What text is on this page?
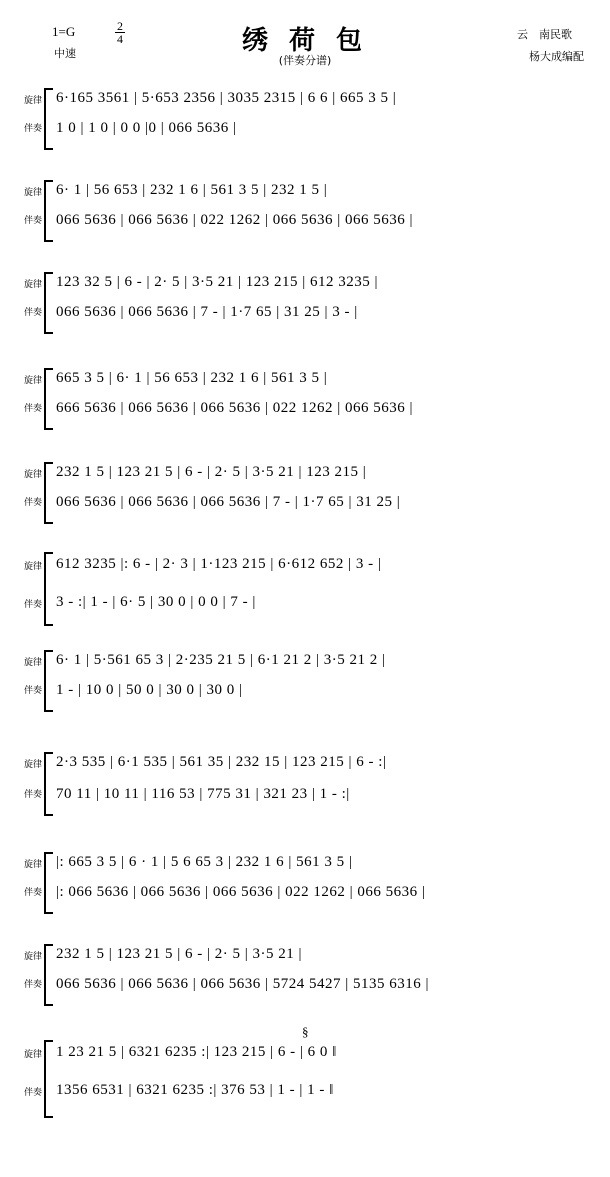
1=G	$\frac{2}{4}$
中速	绣 荷 包
(伴奏分谱)
云　南民歌
杨大成编配
旋律
伴奏
6·165 3561 | 5·653 2356 | 3035 2315 | 6 6 | 665 3 5 |
1 0 | 1 0 | 0 0 |0 | 066 5636 |
旋律
伴奏
6· 1 | 56 653 | 232 1 6 | 561 3 5 | 232 1 5 |
066 5636 | 066 5636 | 022 1262 | 066 5636 | 066 5636 |
旋律
伴奏
123 32 5 | 6 - | 2· 5 | 3·5 21 | 123 215 | 612 3235 |
066 5636 | 066 5636 | 7 - | 1·7 65 | 31 25 | 3 - |
旋律
伴奏
665 3 5 | 6· 1 | 56 653 | 232 1 6 | 561 3 5 |
666 5636 | 066 5636 | 066 5636 | 022 1262 | 066 5636 |
旋律
伴奏
232 1 5 | 123 21 5 | 6 - | 2· 5 | 3·5 21 | 123 215 |
066 5636 | 066 5636 | 066 5636 | 7 - | 1·7 65 | 31 25 |
旋律
伴奏
612 3235 |: 6 - | 2· 3 | 1·123 215 | 6·612 652 | 3 - |
3 - :| 1 - | 6· 5 | 30 0 | 0 0 | 7 - |
旋律
伴奏
6· 1 | 5·561 65 3 | 2·235 21 5 | 6·1 21 2 | 3·5 21 2 |
1 - | 10 0 | 50 0 | 30 0 | 30 0 |
旋律
伴奏
2·3 535 | 6·1 535 | 561 35 | 232 15 | 123 215 | 6 - :|
70 11 | 10 11 | 116 53 | 775 31 | 321 23 | 1 - :|
旋律
伴奏
|: 665 3 5 | 6 · 1 | 5 6 65 3 | 232 1 6 | 561 3 5 |
|: 066 5636 | 066 5636 | 066 5636 | 022 1262 | 066 5636 |
旋律
伴奏
232 1 5 | 123 21 5 | 6 - | 2· 5 | 3·5 21 |
066 5636 | 066 5636 | 066 5636 | 5724 5427 | 5135 6316 |
旋律
伴奏
§
1 23 21 5 | 6321 6235 :| 123 215 | 6 - | 6 0 ‖
1356 6531 | 6321 6235 :| 376 53 | 1 - | 1 - ‖
